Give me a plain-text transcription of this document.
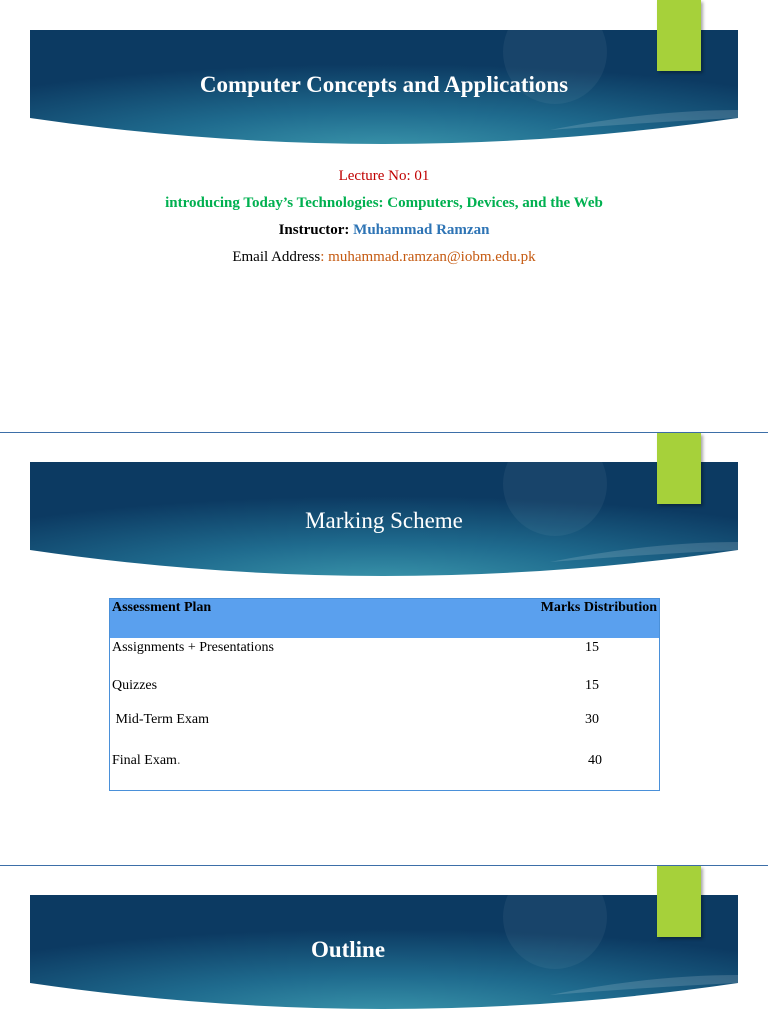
Computer Concepts and Applications
Lecture No: 01
introducing Today’s Technologies: Computers, Devices, and the Web
Instructor: Muhammad Ramzan
Email Address: muhammad.ramzan@iobm.edu.pk
Marking Scheme
Assessment Plan	Marks Distribution
Assignments + Presentations	15
Quizzes	15
Mid-Term Exam	30
Final Exam.	40
Outline
